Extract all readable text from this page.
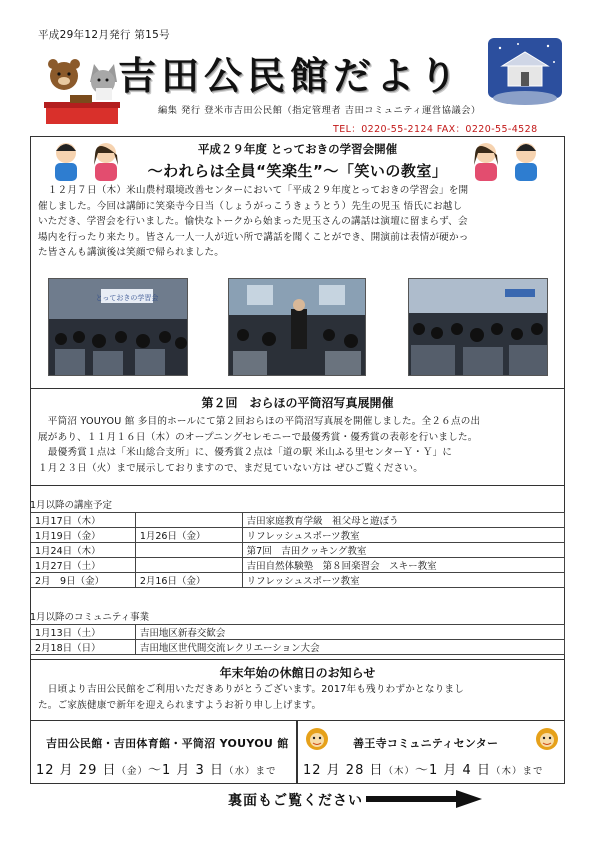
平成29年12月発行 第15号
吉田公民館だより
編集 発行 登米市吉田公民館（指定管理者 吉田コミュニティ運営協議会）
TEL：0220-55-2124 FAX：0220-55-4528
平成２９年度 とっておきの学習会開催
～われらは全員“笑楽生”～「笑いの教室」
　１２月７日（木）米山農村環境改善センターにおいて「平成２９年度とっておきの学習会」を開
催しました。今回は講師に笑楽寺今日当（しょうがっこうきょうとう）先生の児玉 悟氏にお越し
いただき、学習会を行いました。愉快なトークから始まった児玉さんの講話は演壇に留まらず、会
場内を行ったり来たり。皆さん一人一人が近い所で講話を聞くことができ、開演前は表情が硬かっ
た皆さんも講演後は笑顔で帰られました。
とっておきの学習会
第２回　おらほの平筒沼写真展開催
　平筒沼 YOUYOU 館 多目的ホールにて第２回おらほの平筒沼写真展を開催しました。全２６点の出
展があり、１１月１６日（木）のオープニングセレモニーで最優秀賞・優秀賞の表彰を行いました。
　最優秀賞１点は「米山総合支所」に、優秀賞２点は「道の駅 米山ふる里センターＹ・Ｙ」に
１月２３日（火）まで展示しておりますので、まだ見ていない方は ぜひご覧ください。
1月以降の講座予定
1月17日（木）		吉田家庭教育学級　祖父母と遊ぼう
1月19日（金）	1月26日（金）	リフレッシュスポーツ教室
1月24日（木）		第7回　吉田クッキング教室
1月27日（土）		吉田自然体験塾　第８回楽習会　スキー教室
2月　9日（金）	2月16日（金）	リフレッシュスポーツ教室
1月以降のコミュニティ事業
1月13日（土）	吉田地区新春交歓会
2月18日（日）	吉田地区世代間交流レクリエーション大会
年末年始の休館日のお知らせ
　日頃より吉田公民館をご利用いただきありがとうございます。2017年も残りわずかとなりまし
た。ご家族健康で新年を迎えられますようお祈り申し上げます。
吉田公民館・吉田体育館・平筒沼 YOUYOU 館
12 月 29 日（金）～1 月 3 日（水）まで
善王寺コミュニティセンター
12 月 28 日（木）～1 月 4 日（木）まで
裏面もご覧ください
